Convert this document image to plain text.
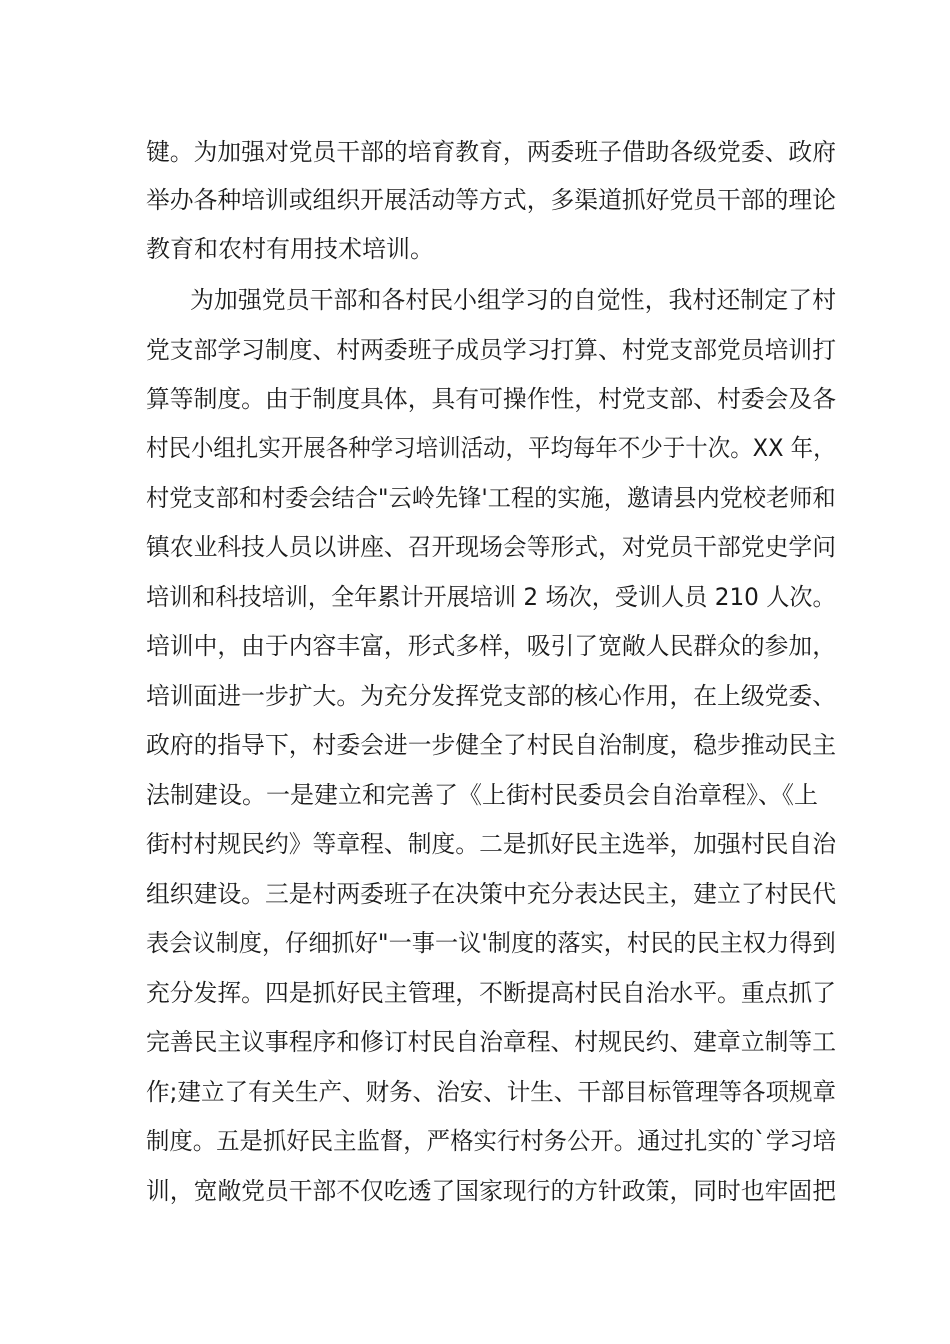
键。为加强对党员干部的培育教育，两委班子借助各级党委、政府
举办各种培训或组织开展活动等方式，多渠道抓好党员干部的理论
教育和农村有用技术培训。
为加强党员干部和各村民小组学习的自觉性，我村还制定了村
党支部学习制度、村两委班子成员学习打算、村党支部党员培训打
算等制度。由于制度具体，具有可操作性，村党支部、村委会及各
村民小组扎实开展各种学习培训活动，平均每年不少于十次。XX 年，
村党支部和村委会结合"云岭先锋'工程的实施，邀请县内党校老师和
镇农业科技人员以讲座、召开现场会等形式，对党员干部党史学问
培训和科技培训，全年累计开展培训 2 场次，受训人员 210 人次。
培训中，由于内容丰富，形式多样，吸引了宽敞人民群众的参加，
培训面进一步扩大。为充分发挥党支部的核心作用，在上级党委、
政府的指导下，村委会进一步健全了村民自治制度，稳步推动民主
法制建设。一是建立和完善了《上街村民委员会自治章程》、《上
街村村规民约》等章程、制度。二是抓好民主选举，加强村民自治
组织建设。三是村两委班子在决策中充分表达民主，建立了村民代
表会议制度，仔细抓好"一事一议'制度的落实，村民的民主权力得到
充分发挥。四是抓好民主管理，不断提高村民自治水平。重点抓了
完善民主议事程序和修订村民自治章程、村规民约、建章立制等工
作;建立了有关生产、财务、治安、计生、干部目标管理等各项规章
制度。五是抓好民主监督，严格实行村务公开。通过扎实的`学习培
训，宽敞党员干部不仅吃透了国家现行的方针政策，同时也牢固把
